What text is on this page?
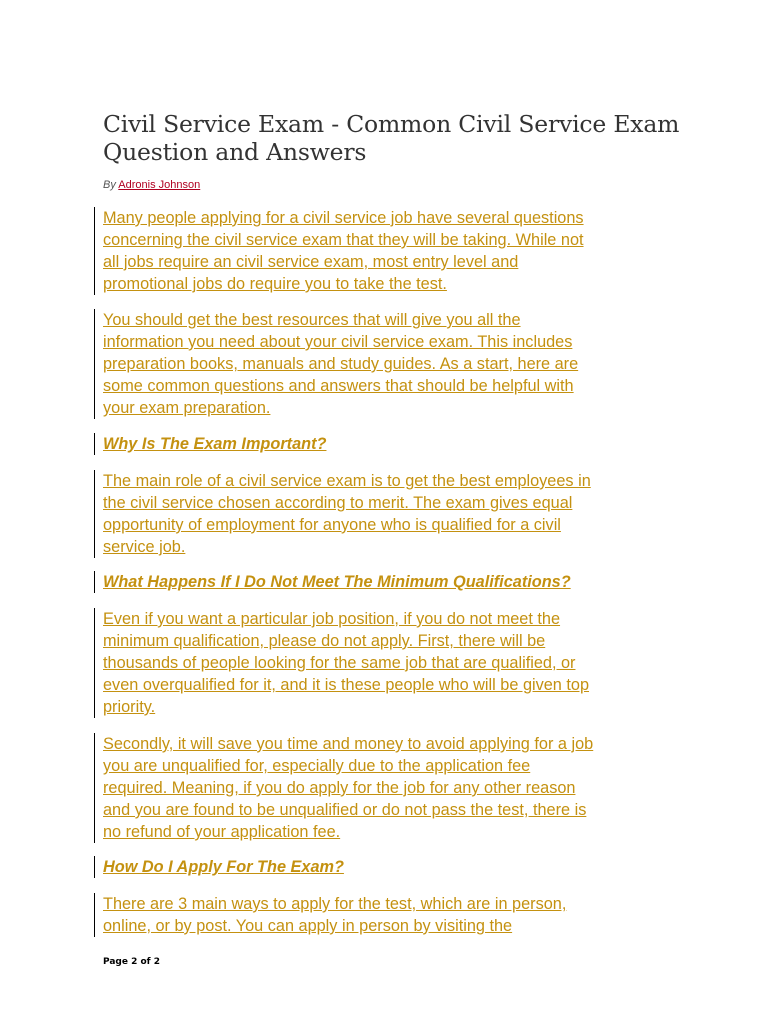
Civil Service Exam - Common Civil Service Exam
Question and Answers
By Adronis Johnson
Many people applying for a civil service job have several questions
concerning the civil service exam that they will be taking. While not
all jobs require an civil service exam, most entry level and
promotional jobs do require you to take the test.
You should get the best resources that will give you all the
information you need about your civil service exam. This includes
preparation books, manuals and study guides. As a start, here are
some common questions and answers that should be helpful with
your exam preparation.
Why Is The Exam Important?
The main role of a civil service exam is to get the best employees in
the civil service chosen according to merit. The exam gives equal
opportunity of employment for anyone who is qualified for a civil
service job.
What Happens If I Do Not Meet The Minimum Qualifications?
Even if you want a particular job position, if you do not meet the
minimum qualification, please do not apply. First, there will be
thousands of people looking for the same job that are qualified, or
even overqualified for it, and it is these people who will be given top
priority.
Secondly, it will save you time and money to avoid applying for a job
you are unqualified for, especially due to the application fee
required. Meaning, if you do apply for the job for any other reason
and you are found to be unqualified or do not pass the test, there is
no refund of your application fee.
How Do I Apply For The Exam?
There are 3 main ways to apply for the test, which are in person,
online, or by post. You can apply in person by visiting the
Page 2 of 2
